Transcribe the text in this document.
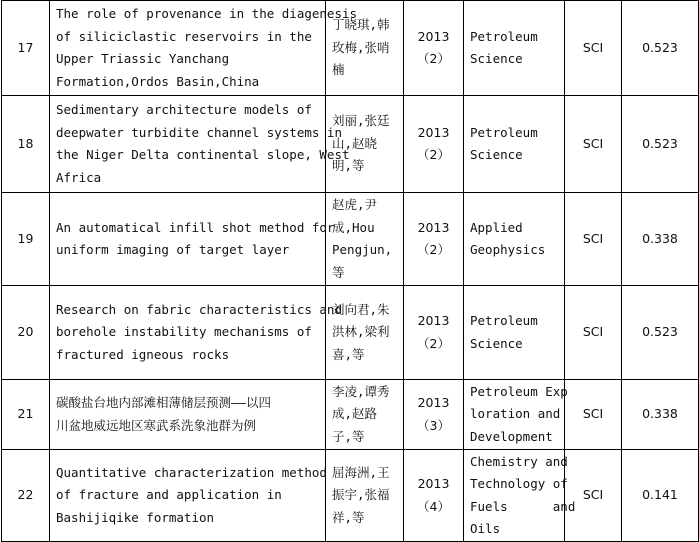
17	The role of provenance in the diagenesis
of siliciclastic reservoirs in the
Upper Triassic Yanchang
Formation,Ordos Basin,China	丁晓琪,韩
玫梅,张哨
楠	2013
（2）	Petroleum
Science	SCI	0.523
18	Sedimentary architecture models of
deepwater turbidite channel systems in
the Niger Delta continental slope, West
Africa	刘丽,张廷
山,赵晓
明,等	2013
（2）	Petroleum
Science	SCI	0.523
19	An automatical infill shot method for
uniform imaging of target layer	赵虎,尹
成,Hou
Pengjun,
等	2013
（2）	Applied
Geophysics	SCI	0.338
20	Research on fabric characteristics and
borehole instability mechanisms of
fractured igneous rocks	刘向君,朱
洪林,梁利
喜,等	2013
（2）	Petroleum
Science	SCI	0.523
21	碳酸盐台地内部滩相薄储层预测——以四
川盆地威远地区寒武系洗象池群为例	李凌,谭秀
成,赵路
子,等	2013
（3）	Petroleum Exp
loration and
Development	SCI	0.338
22	Quantitative characterization method
of fracture and application in
Bashijiqike formation	屈海洲,王
振宇,张福
祥,等	2013
（4）	Chemistry and
Technology of
Fuels      and
Oils	SCI	0.141
